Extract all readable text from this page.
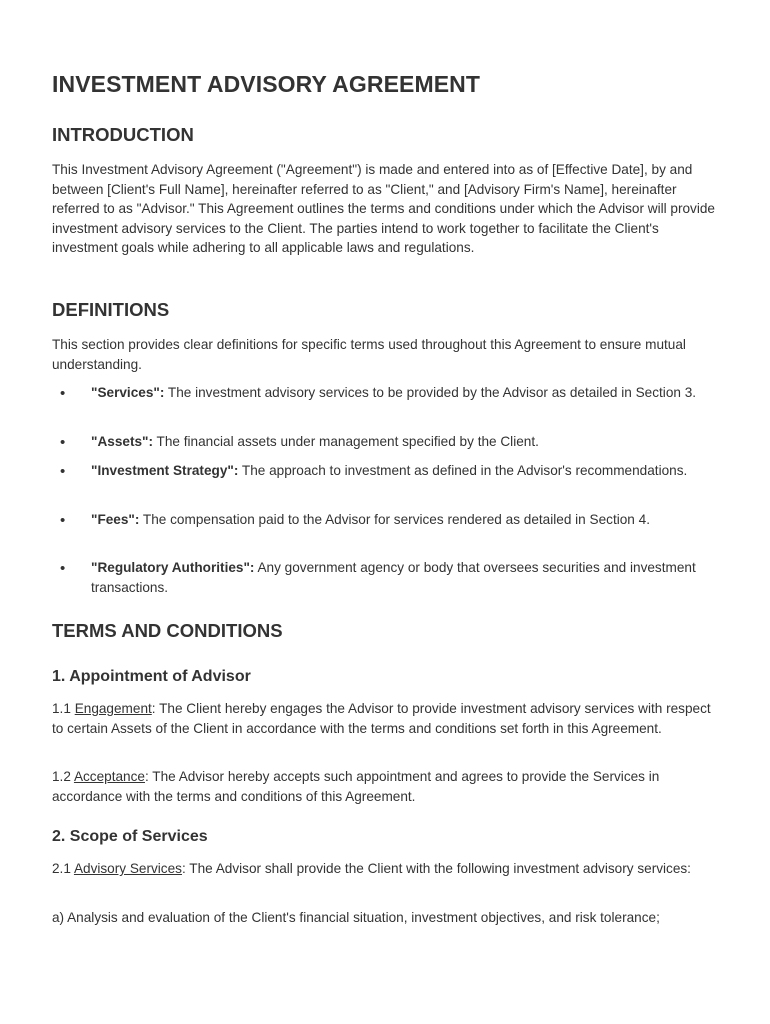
INVESTMENT ADVISORY AGREEMENT
INTRODUCTION

This Investment Advisory Agreement ("Agreement") is made and entered into as of [Effective Date], by and between [Client's Full Name], hereinafter referred to as "Client," and [Advisory Firm's Name], hereinafter referred to as "Advisor." This Agreement outlines the terms and conditions under which the Advisor will provide investment advisory services to the Client. The parties intend to work together to facilitate the Client's investment goals while adhering to all applicable laws and regulations.

DEFINITIONS

This section provides clear definitions for specific terms used throughout this Agreement to ensure mutual understanding.

• "Services": The investment advisory services to be provided by the Advisor as detailed in Section 3.
• "Assets": The financial assets under management specified by the Client.
• "Investment Strategy": The approach to investment as defined in the Advisor's recommendations.
• "Fees": The compensation paid to the Advisor for services rendered as detailed in Section 4.
• "Regulatory Authorities": Any government agency or body that oversees securities and investment transactions.
TERMS AND CONDITIONS
1. Appointment of Advisor

1.1 Engagement: The Client hereby engages the Advisor to provide investment advisory services with respect to certain Assets of the Client in accordance with the terms and conditions set forth in this Agreement.

1.2 Acceptance: The Advisor hereby accepts such appointment and agrees to provide the Services in accordance with the terms and conditions of this Agreement.

2. Scope of Services

2.1 Advisory Services: The Advisor shall provide the Client with the following investment advisory services:

a) Analysis and evaluation of the Client's financial situation, investment objectives, and risk tolerance;
